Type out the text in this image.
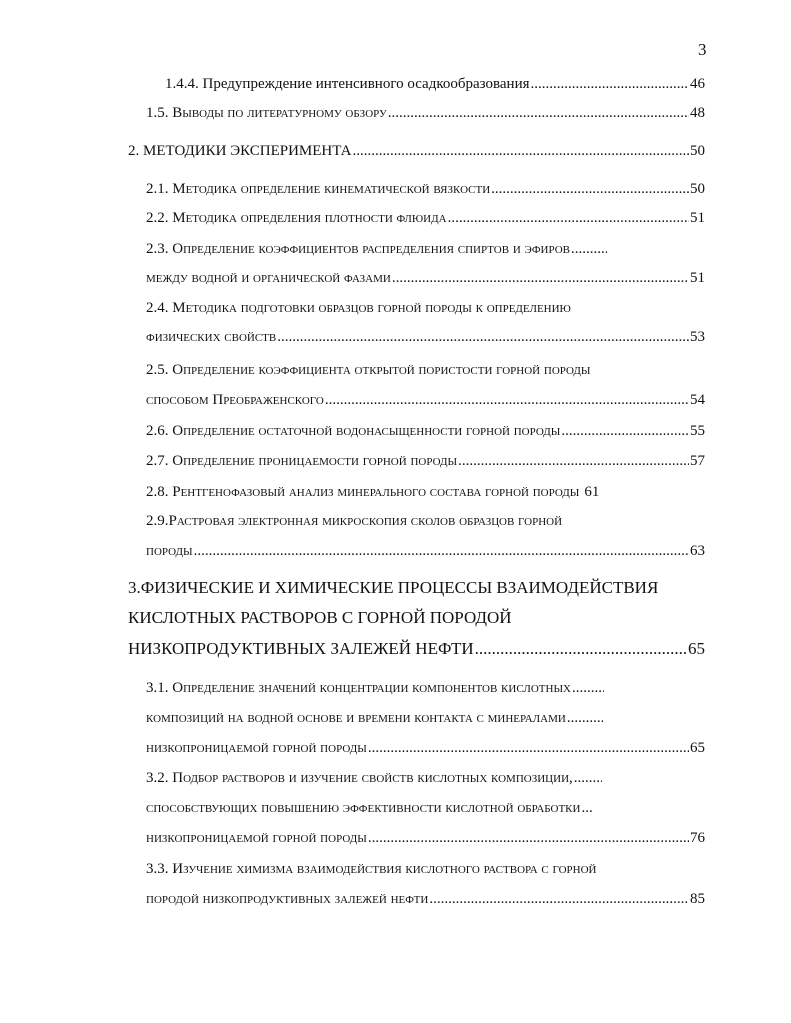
3
1.4.4. Предупреждение интенсивного осадкообразования .....	46
1.5. Выводы по литературному обзору .....	48
2. МЕТОДИКИ ЭКСПЕРИМЕНТА .....	50
2.1. Методика определение кинематической вязкости .....	50
2.2. Методика определения плотности флюида .....	51
2.3. Определение коэффициентов распределения спиртов и эфиров
.....
между водной и органической фазами .....	51
2.4. Методика подготовки образцов горной породы к определению
физических свойств .....	53
2.5. Определение коэффициента открытой пористости горной породы
способом Преображенского .....	54
2.6. Определение остаточной водонасыщенности горной породы .....	55
2.7. Определение проницаемости горной породы .....	57
2.8. Рентгенофазовый анализ минерального состава горной породы 61
2.9.Растровая электронная микроскопия сколов образцов горной
породы .....	63
3.ФИЗИЧЕСКИЕ И ХИМИЧЕСКИЕ ПРОЦЕССЫ ВЗАИМОДЕЙСТВИЯ
КИСЛОТНЫХ РАСТВОРОВ С ГОРНОЙ ПОРОДОЙ
НИЗКОПРОДУКТИВНЫХ ЗАЛЕЖЕЙ НЕФТИ .....	65
3.1. Определение значений концентрации компонентов кислотных
.....
композиций на водной основе и времени контакта с минералами
.....
низкопроницаемой горной породы .....	65
3.2. Подбор растворов и изучение свойств кислотных композиции,
.....
способствующих повышению эффективности кислотной обработки
.....
низкопроницаемой горной породы .....	76
3.3. Изучение химизма взаимодействия кислотного раствора с горной
породой низкопродуктивных залежей нефти .....	85
